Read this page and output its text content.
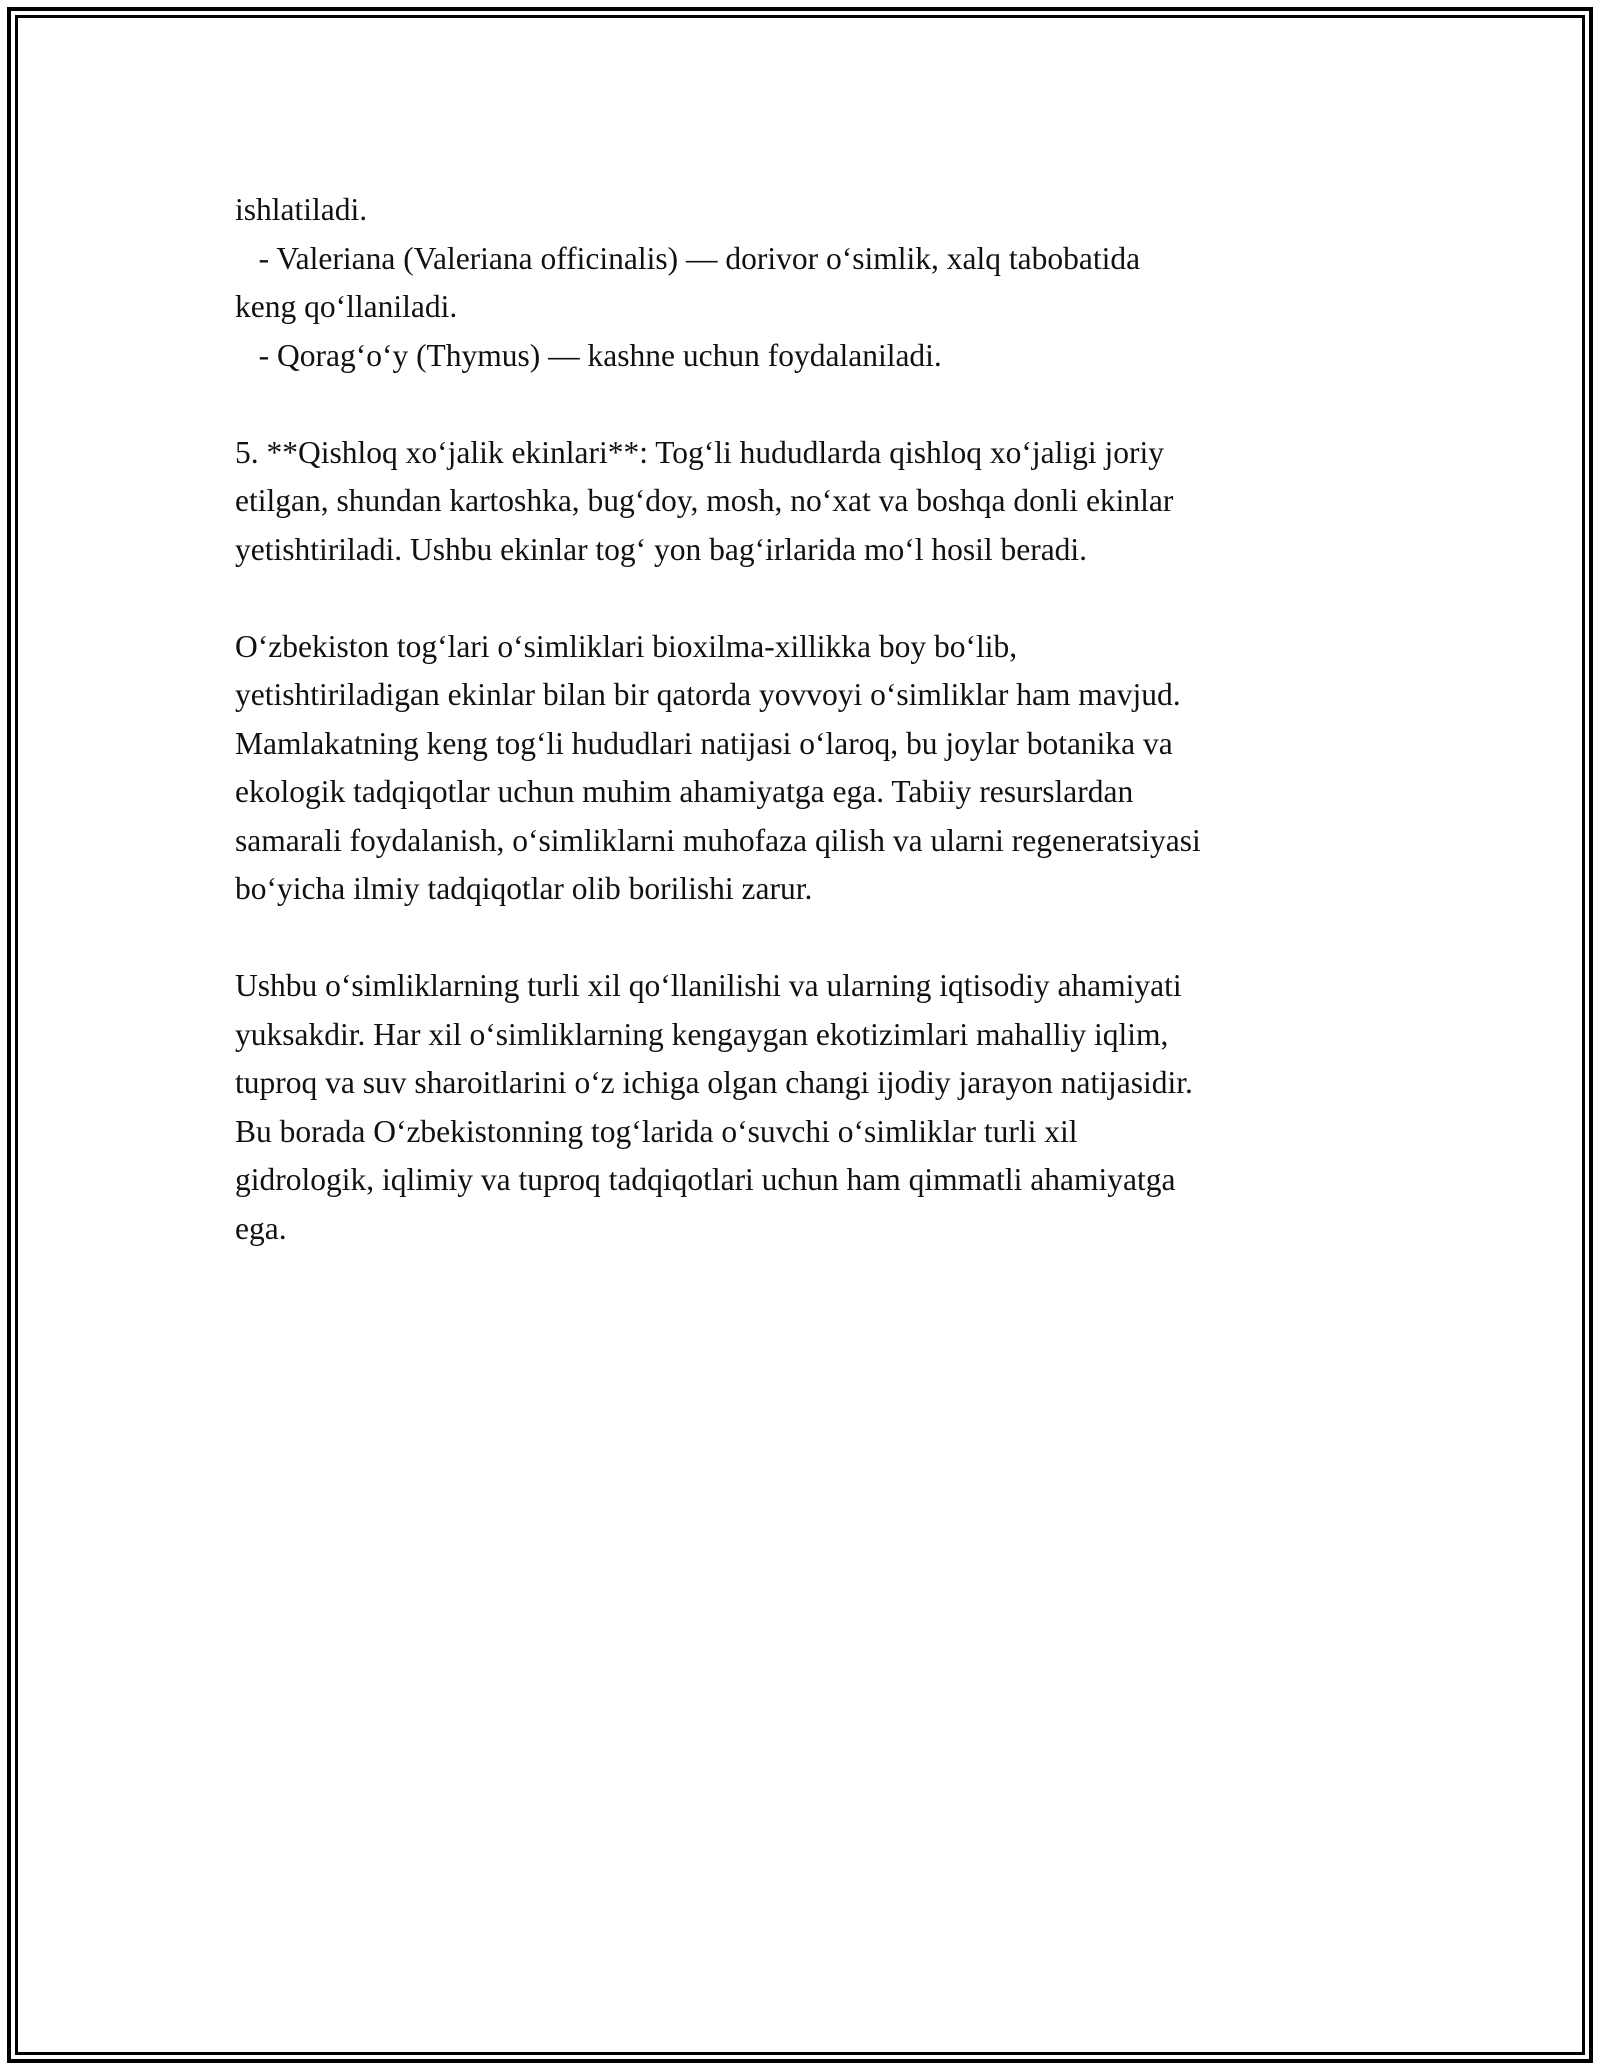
ishlatiladi.
- Valeriana (Valeriana officinalis) — dorivor o‘simlik, xalq tabobatida
keng qo‘llaniladi.
- Qorag‘o‘y (Thymus) — kashne uchun foydalaniladi.
5. **Qishloq xo‘jalik ekinlari**: Tog‘li hududlarda qishloq xo‘jaligi joriy
etilgan, shundan kartoshka, bug‘doy, mosh, no‘xat va boshqa donli ekinlar
yetishtiriladi. Ushbu ekinlar tog‘ yon bag‘irlarida mo‘l hosil beradi.
O‘zbekiston tog‘lari o‘simliklari bioxilma-xillikka boy bo‘lib,
yetishtiriladigan ekinlar bilan bir qatorda yovvoyi o‘simliklar ham mavjud.
Mamlakatning keng tog‘li hududlari natijasi o‘laroq, bu joylar botanika va
ekologik tadqiqotlar uchun muhim ahamiyatga ega. Tabiiy resurslardan
samarali foydalanish, o‘simliklarni muhofaza qilish va ularni regeneratsiyasi
bo‘yicha ilmiy tadqiqotlar olib borilishi zarur.
Ushbu o‘simliklarning turli xil qo‘llanilishi va ularning iqtisodiy ahamiyati
yuksakdir. Har xil o‘simliklarning kengaygan ekotizimlari mahalliy iqlim,
tuproq va suv sharoitlarini o‘z ichiga olgan changi ijodiy jarayon natijasidir.
Bu borada O‘zbekistonning tog‘larida o‘suvchi o‘simliklar turli xil
gidrologik, iqlimiy va tuproq tadqiqotlari uchun ham qimmatli ahamiyatga
ega.
